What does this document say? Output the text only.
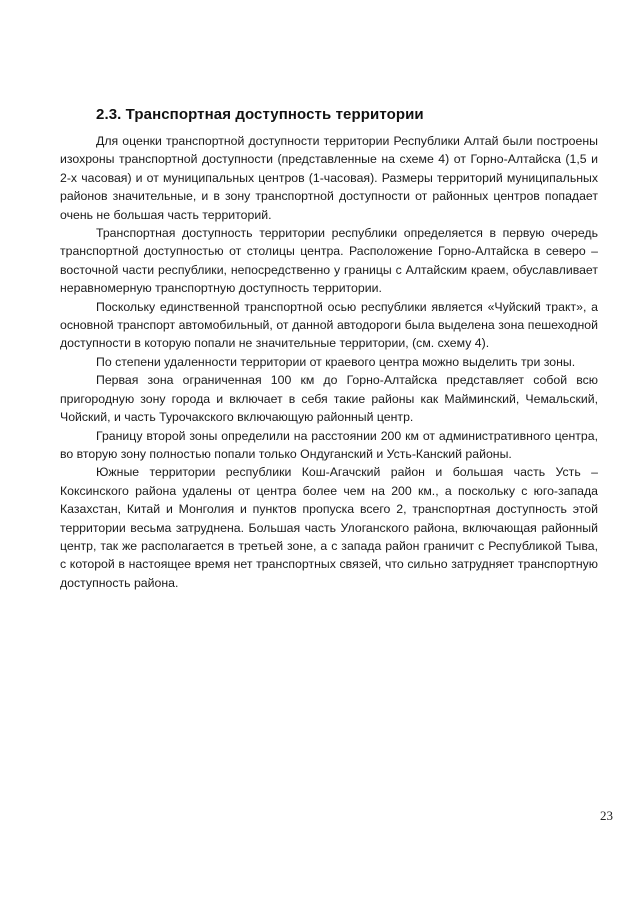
2.3. Транспортная доступность территории

Для оценки транспортной доступности территории Республики Алтай были построены изохроны транспортной доступности (представленные на схеме 4) от Горно-Алтайска (1,5 и 2-х часовая) и от муниципальных центров (1-часовая). Размеры территорий муниципальных районов значительные, и в зону транспортной доступности от районных центров попадает очень не большая часть территорий.

Транспортная доступность территории республики определяется в первую очередь транспортной доступностью от столицы центра. Расположение Горно-Алтайска в северо – восточной части республики, непосредственно у границы с Алтайским краем, обуславливает неравномерную транспортную доступность территории.

Поскольку единственной транспортной осью республики является «Чуйский тракт», а основной транспорт автомобильный, от данной автодороги была выделена зона пешеходной доступности в которую попали не значительные территории, (см. схему 4).

По степени удаленности территории от краевого центра можно выделить три зоны.

Первая зона ограниченная 100 км до Горно-Алтайска представляет собой всю пригородную зону города и включает в себя такие районы как Майминский, Чемальский, Чойский, и часть Турочакского включающую районный центр.

Границу второй зоны определили на расстоянии 200 км от административного центра, во вторую зону полностью попали только Ондуганский и Усть-Канский районы.

Южные территории республики Кош-Агачский район и большая часть Усть – Коксинского района удалены от центра более чем на 200 км., а поскольку с юго-запада Казахстан, Китай и Монголия и пунктов пропуска всего 2, транспортная доступность этой территории весьма затруднена. Большая часть Улоганского района, включающая районный центр, так же располагается в третьей зоне, а с запада район граничит с Республикой Тыва, с которой в настоящее время нет транспортных связей, что сильно затрудняет транспортную доступность района.

23
